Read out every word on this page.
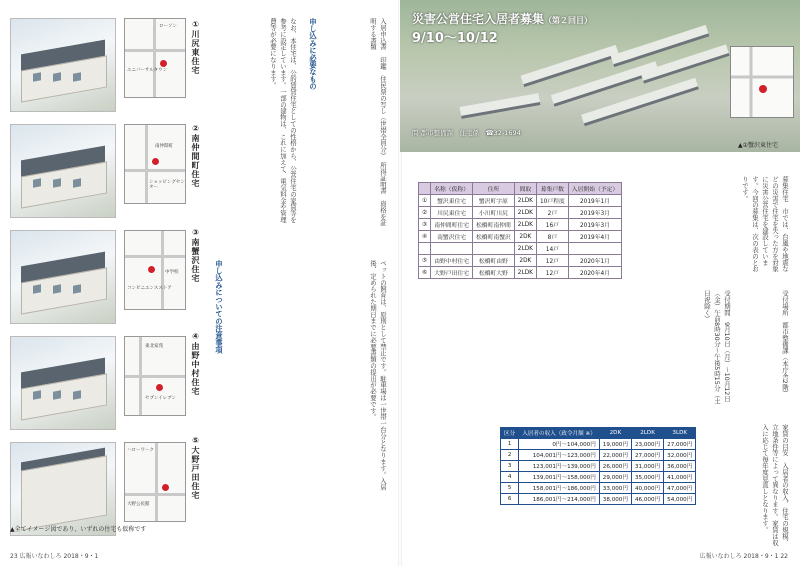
ユニバーサルタウン
ローソン
南仲間町
ショッピングセンター
中学校
コンビニエンスストア
東北家苑
セブンイレブン
ハローワーク
大野公民館
①川尻東住宅
②南仲間町住宅
③南蟹沢住宅
④由野中村住宅
⑤大野戸田住宅
なお、本住宅は、公的賃貸住宅としての性格から、公営住宅の家賃等を参考に設定しています。一部の建物は、これに加えて、電気料金や管理費等が必要になります。	申し込みに必要なもの	入居申込書　印鑑　住民票の写し（世帯全員分）　所得証明書　資格を証明する書類
申し込みについての注意事項	ペットの飼育は、原則として禁止です。駐車場は一世帯一台分となります。入居後、定められた期日までに必要書類の提出が必要です。
▲全てイメージ図であり、いずれの住宅も仮称です
23 広報いなわしろ 2018・9・1
災害公営住宅入居者募集（第２回目）
9/10〜10/12
問 都市整備課　住宅係　☎32-1694
▲①蟹沢東住宅
	名称（仮称）	住所	間取	募集戸数	入居開始（予定）
①	蟹沢東住宅	蟹沢町字原	2LDK	10戸程度	2019年1月
②	川尻東住宅	小川町川尻	2LDK	2戸	2019年3月
③	南仲間町住宅	松橋町南仲間	2LDK	16戸	2019年3月
④	南蟹沢住宅	松橋町南蟹沢	2DK	8戸	2019年4月
			2LDK	14戸	
⑤	由野中村住宅	松橋町由野	2DK	12戸	2020年1月
⑥	大野戸田住宅	松橋町大野	2LDK	12戸	2020年4月
募集住宅　市では、台風や地震などの災害で住宅を失った方を対象に災害公営住宅を建設しています。今回の募集は、次の表のとおりです。
受付期間　9月10日（月）〜10月12日（金）午前8時30分〜午後5時15分（土日祝除く）	受付場所　都市整備課（本庁舎2階）
家賃の目安　入居者の収入、住宅の規模、立地条件等によって異なります。家賃は収入に応じて毎年度見直しとなります。
区分	入居者の収入（政令月額 ※）	2DK	2LDK	3LDK
1	0円〜104,000円	19,000円	23,000円	27,000円
2	104,001円〜123,000円	22,000円	27,000円	32,000円
3	123,001円〜139,000円	26,000円	31,000円	36,000円
4	139,001円〜158,000円	29,000円	35,000円	41,000円
5	158,001円〜186,000円	33,000円	40,000円	47,000円
6	186,001円〜214,000円	38,000円	46,000円	54,000円
広報いなわしろ 2018・9・1 22
